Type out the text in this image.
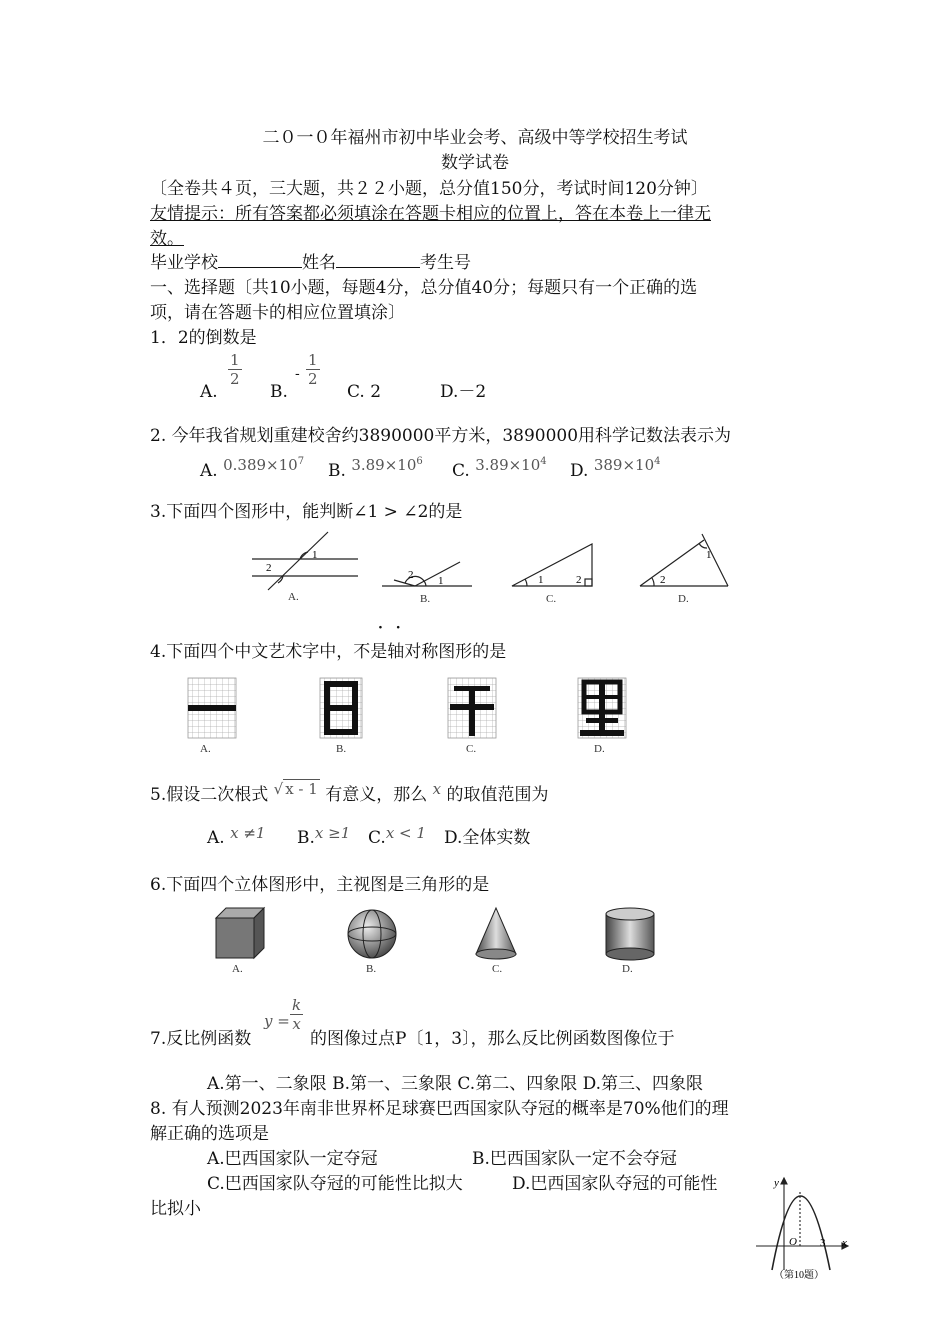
二０一０年福州市初中毕业会考、高级中等学校招生考试
数学试卷
〔全卷共４页，三大题，共２２小题，总分值150分，考试时间120分钟〕
友情提示：所有答案都必须填涂在答题卡相应的位置上，答在本卷上一律无
效。
毕业学校	姓名	考生号
一、选择题〔共10小题，每题4分，总分值40分；每题只有一个正确的选
项，请在答题卡的相应位置填涂〕
1．2的倒数是
A.
$\frac{1}{2}$
B.
- $\frac{1}{2}$
C. 2	D.－2
2. 今年我省规划重建校舍约3890000平方米，3890000用科学记数法表示为
A. $0.389\times 10^7$ B. $3.89\times 10^6$ C. $3.89\times 10^4$ D. $389\times 10^4$
3.下面四个图形中，能判断∠1 > ∠2的是
1
2
A.
1
2
B.
1	2
C.
2
1
D.
· ·
4.下面四个中文艺术字中，不是轴对称图形的是
A.	B.	C.	D.
5.假设二次根式 √ x - 1 有意义，那么 x 的取值范围为
A. x ≠1 B.x ≥1 C.x < 1 D.全体实数
6.下面四个立体图形中，主视图是三角形的是
A.	B.	C.	D.
7.反比例函数
$y = \frac{k}{x}$
的图像过点P〔1，3〕，那么反比例函数图像位于
A.第一、二象限 B.第一、三象限 C.第二、四象限 D.第三、四象限
8. 有人预测2023年南非世界杯足球赛巴西国家队夺冠的概率是70%他们的理
解正确的选项是
A.巴西国家队一定夺冠	B.巴西国家队一定不会夺冠
C.巴西国家队夺冠的可能性比拟大	D.巴西国家队夺冠的可能性
比拟小
y
x
O 3
（第10题）
